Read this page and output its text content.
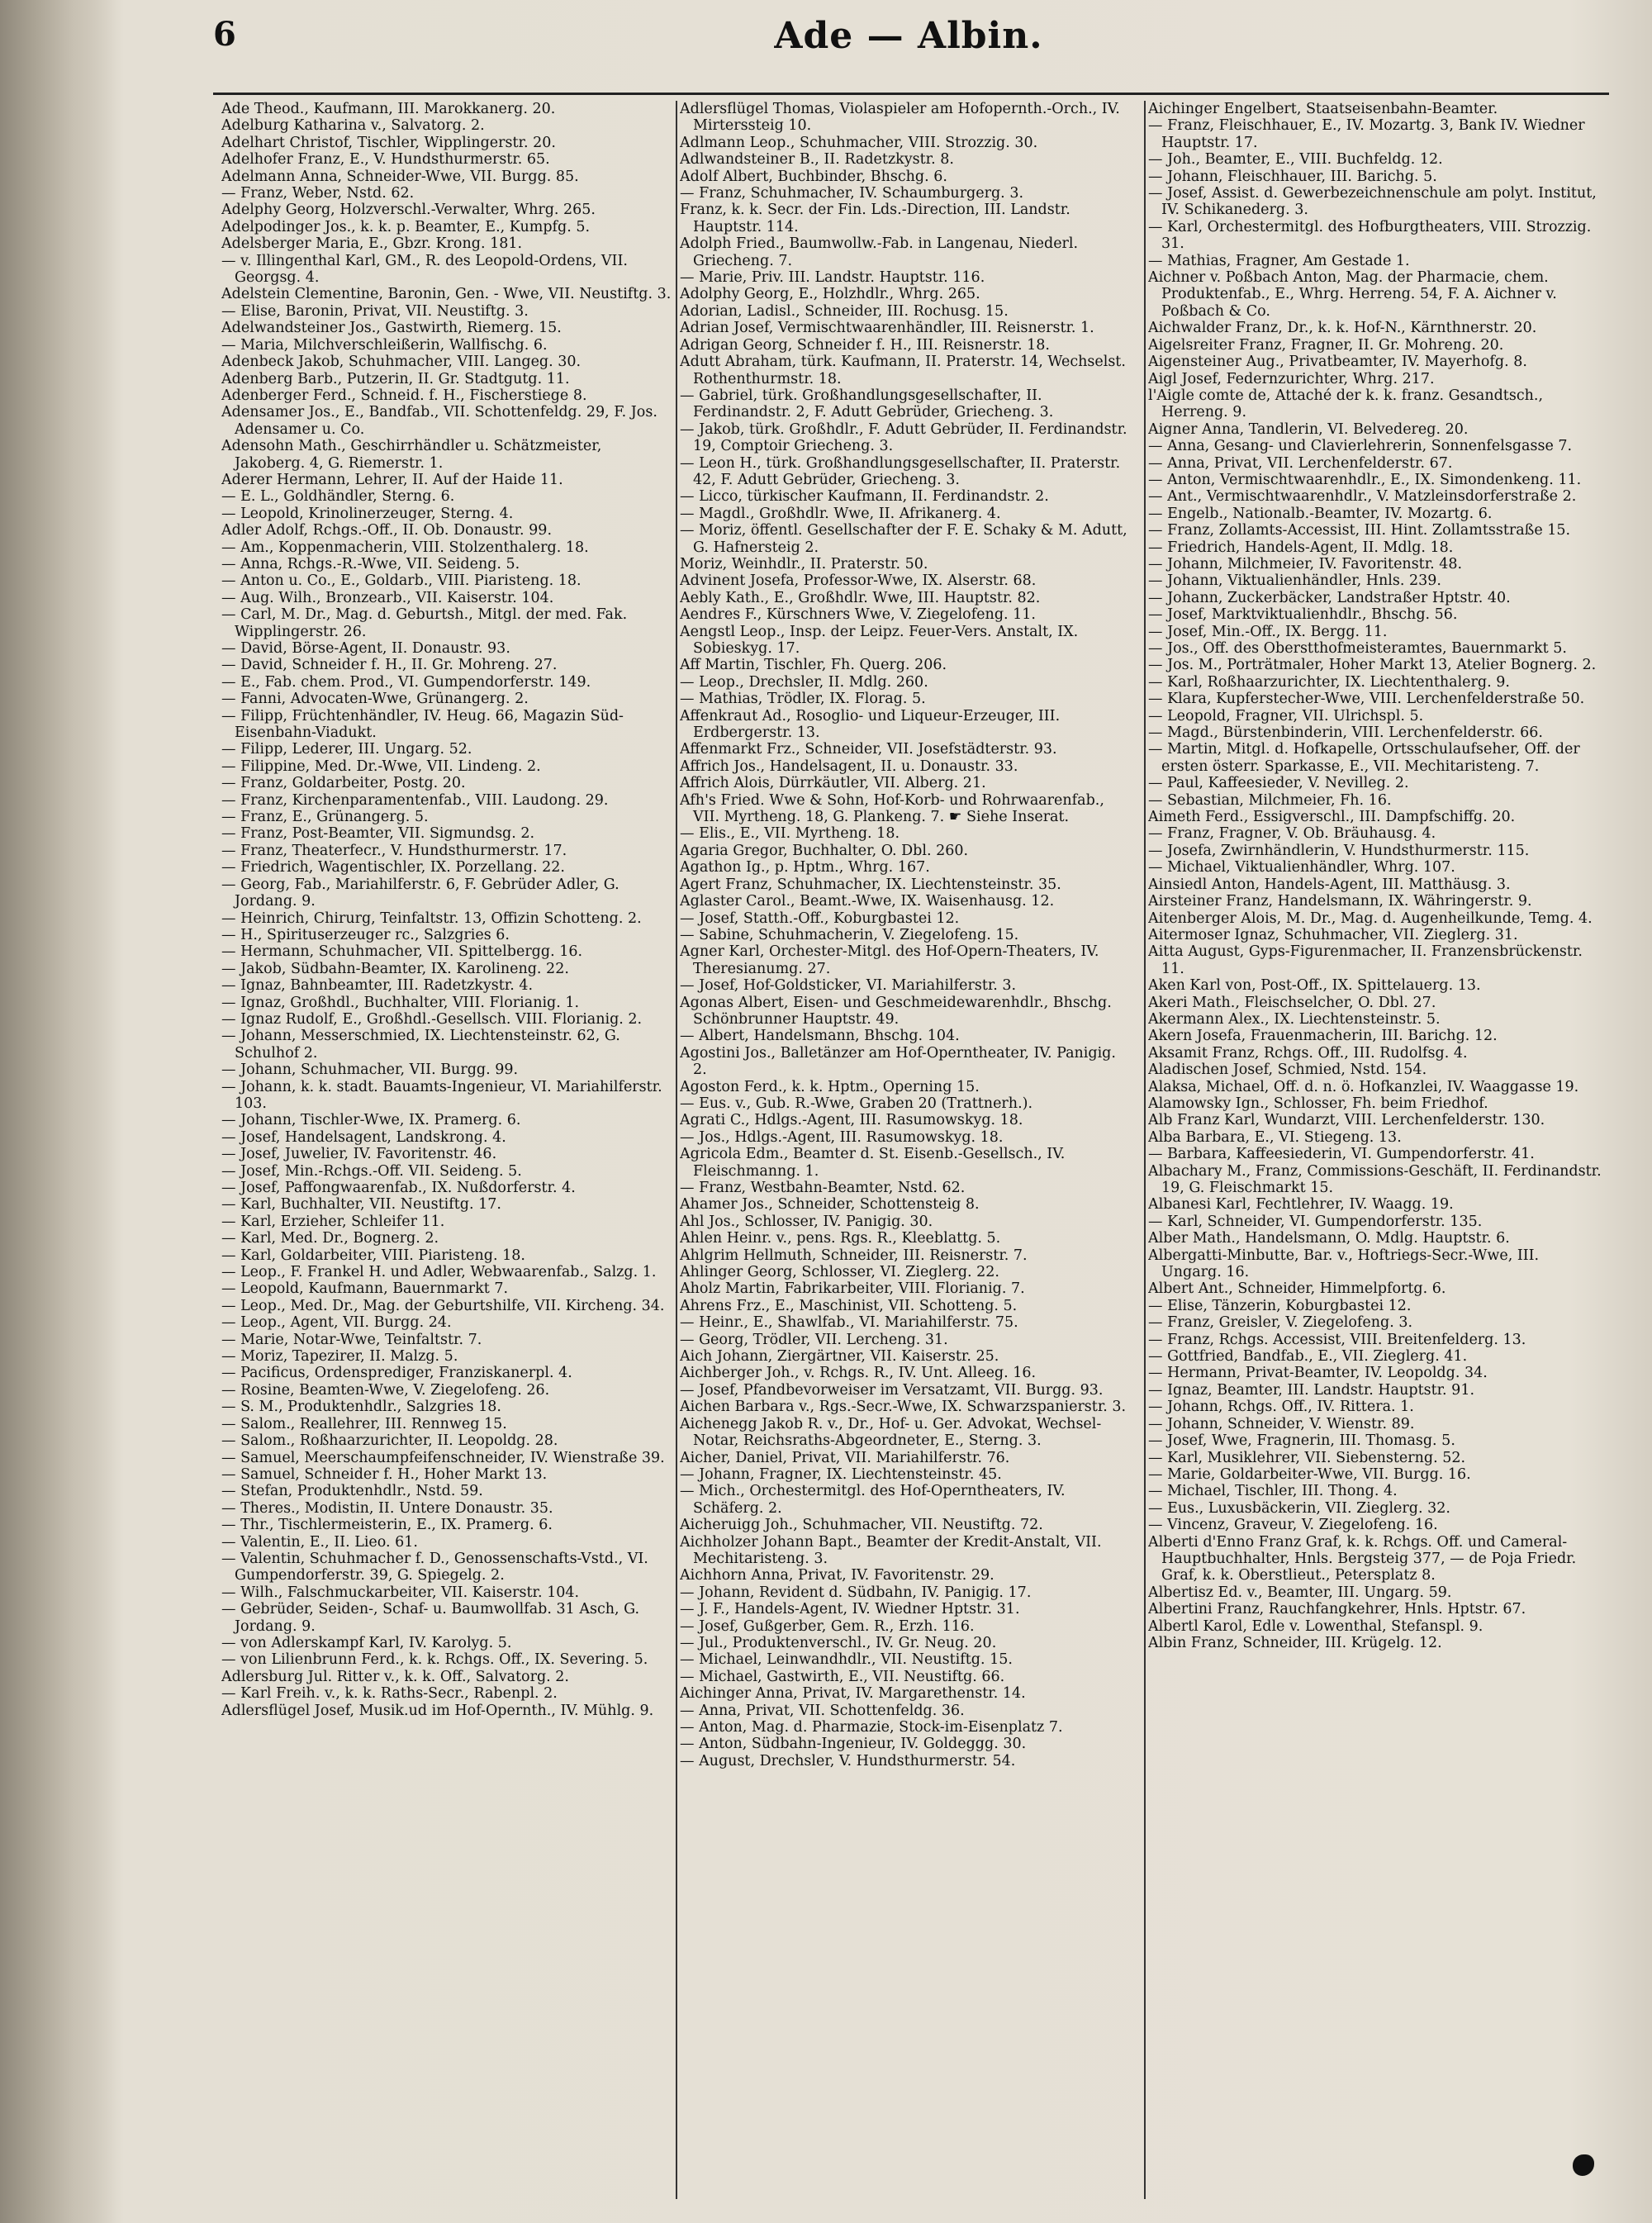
6	Ade — Albin.

Ade Theod., Kaufmann, III. Marokkanerg. 20.

Adelburg Katharina v., Salvatorg. 2.

Adelhart Christof, Tischler, Wipplingerstr. 20.

Adelhofer Franz, E., V. Hundsthurmerstr. 65.

Adelmann Anna, Schneider-Wwe, VII. Burgg. 85.

— Franz, Weber, Nstd. 62.

Adelphy Georg, Holzverschl.-Verwalter, Whrg. 265.

Adelpodinger Jos., k. k. p. Beamter, E., Kumpfg. 5.

Adelsberger Maria, E., Gbzr. Krong. 181.

— v. Illingenthal Karl, GM., R. des Leopold-Ordens, VII. Georgsg. 4.

Adelstein Clementine, Baronin, Gen. - Wwe, VII. Neustiftg. 3.

— Elise, Baronin, Privat, VII. Neustiftg. 3.

Adelwandsteiner Jos., Gastwirth, Riemerg. 15.

— Maria, Milchverschleißerin, Wallfischg. 6.

Adenbeck Jakob, Schuhmacher, VIII. Langeg. 30.

Adenberg Barb., Putzerin, II. Gr. Stadtgutg. 11.

Adenberger Ferd., Schneid. f. H., Fischerstiege 8.

Adensamer Jos., E., Bandfab., VII. Schottenfeldg. 29, F. Jos. Adensamer u. Co.

Adensohn Math., Geschirrhändler u. Schätzmeister, Jakoberg. 4, G. Riemerstr. 1.

Aderer Hermann, Lehrer, II. Auf der Haide 11.

— E. L., Goldhändler, Sterng. 6.

— Leopold, Krinolinerzeuger, Sterng. 4.

Adler Adolf, Rchgs.-Off., II. Ob. Donaustr. 99.

— Am., Koppenmacherin, VIII. Stolzenthalerg. 18.

— Anna, Rchgs.-R.-Wwe, VII. Seideng. 5.

— Anton u. Co., E., Goldarb., VIII. Piaristeng. 18.

— Aug. Wilh., Bronzearb., VII. Kaiserstr. 104.

— Carl, M. Dr., Mag. d. Geburtsh., Mitgl. der med. Fak. Wipplingerstr. 26.

— David, Börse-Agent, II. Donaustr. 93.

— David, Schneider f. H., II. Gr. Mohreng. 27.

— E., Fab. chem. Prod., VI. Gumpendorferstr. 149.

— Fanni, Advocaten-Wwe, Grünangerg. 2.

— Filipp, Früchtenhändler, IV. Heug. 66, Magazin Süd-Eisenbahn-Viadukt.

— Filipp, Lederer, III. Ungarg. 52.

— Filippine, Med. Dr.-Wwe, VII. Lindeng. 2.

— Franz, Goldarbeiter, Postg. 20.

— Franz, Kirchenparamentenfab., VIII. Laudong. 29.

— Franz, E., Grünangerg. 5.

— Franz, Post-Beamter, VII. Sigmundsg. 2.

— Franz, Theaterfecr., V. Hundsthurmerstr. 17.

— Friedrich, Wagentischler, IX. Porzellang. 22.

— Georg, Fab., Mariahilferstr. 6, F. Gebrüder Adler, G. Jordang. 9.

— Heinrich, Chirurg, Teinfaltstr. 13, Offizin Schotteng. 2.

— H., Spirituserzeuger rc., Salzgries 6.

— Hermann, Schuhmacher, VII. Spittelbergg. 16.

— Jakob, Südbahn-Beamter, IX. Karolineng. 22.

— Ignaz, Bahnbeamter, III. Radetzkystr. 4.

— Ignaz, Großhdl., Buchhalter, VIII. Florianig. 1.

— Ignaz Rudolf, E., Großhdl.-Gesellsch. VIII. Florianig. 2.

— Johann, Messerschmied, IX. Liechtensteinstr. 62, G. Schulhof 2.

— Johann, Schuhmacher, VII. Burgg. 99.

— Johann, k. k. stadt. Bauamts-Ingenieur, VI. Mariahilferstr. 103.

— Johann, Tischler-Wwe, IX. Pramerg. 6.

— Josef, Handelsagent, Landskrong. 4.

— Josef, Juwelier, IV. Favoritenstr. 46.

— Josef, Min.-Rchgs.-Off. VII. Seideng. 5.

— Josef, Paffongwaarenfab., IX. Nußdorferstr. 4.

— Karl, Buchhalter, VII. Neustiftg. 17.

— Karl, Erzieher, Schleifer 11.

— Karl, Med. Dr., Bognerg. 2.

— Karl, Goldarbeiter, VIII. Piaristeng. 18.

— Leop., F. Frankel H. und Adler, Webwaarenfab., Salzg. 1.

— Leopold, Kaufmann, Bauernmarkt 7.

— Leop., Med. Dr., Mag. der Geburtshilfe, VII. Kircheng. 34.

— Leop., Agent, VII. Burgg. 24.

— Marie, Notar-Wwe, Teinfaltstr. 7.

— Moriz, Tapezirer, II. Malzg. 5.

— Pacificus, Ordensprediger, Franziskanerpl. 4.

— Rosine, Beamten-Wwe, V. Ziegelofeng. 26.

— S. M., Produktenhdlr., Salzgries 18.

— Salom., Reallehrer, III. Rennweg 15.

— Salom., Roßhaarzurichter, II. Leopoldg. 28.

— Samuel, Meerschaumpfeifenschneider, IV. Wienstraße 39.

— Samuel, Schneider f. H., Hoher Markt 13.

— Stefan, Produktenhdlr., Nstd. 59.

— Theres., Modistin, II. Untere Donaustr. 35.

— Thr., Tischlermeisterin, E., IX. Pramerg. 6.

— Valentin, E., II. Lieo. 61.

— Valentin, Schuhmacher f. D., Genossenschafts-Vstd., VI. Gumpendorferstr. 39, G. Spiegelg. 2.

— Wilh., Falschmuckarbeiter, VII. Kaiserstr. 104.

— Gebrüder, Seiden-, Schaf- u. Baumwollfab. 31 Asch, G. Jordang. 9.

— von Adlerskampf Karl, IV. Karolyg. 5.

— von Lilienbrunn Ferd., k. k. Rchgs. Off., IX. Severing. 5.

Adlersburg Jul. Ritter v., k. k. Off., Salvatorg. 2.

— Karl Freih. v., k. k. Raths-Secr., Rabenpl. 2.

Adlersflügel Josef, Musik.ud im Hof-Opernth., IV. Mühlg. 9.

Adlersflügel Thomas, Violaspieler am Hofopernth.-Orch., IV. Mirterssteig 10.

Adlmann Leop., Schuhmacher, VIII. Strozzig. 30.

Adlwandsteiner B., II. Radetzkystr. 8.

Adolf Albert, Buchbinder, Bhschg. 6.

— Franz, Schuhmacher, IV. Schaumburgerg. 3.

Franz, k. k. Secr. der Fin. Lds.-Direction, III. Landstr. Hauptstr. 114.

Adolph Fried., Baumwollw.-Fab. in Langenau, Niederl. Griecheng. 7.

— Marie, Priv. III. Landstr. Hauptstr. 116.

Adolphy Georg, E., Holzhdlr., Whrg. 265.

Adorian, Ladisl., Schneider, III. Rochusg. 15.

Adrian Josef, Vermischtwaarenhändler, III. Reisnerstr. 1.

Adrigan Georg, Schneider f. H., III. Reisnerstr. 18.

Adutt Abraham, türk. Kaufmann, II. Praterstr. 14, Wechselst. Rothenthurmstr. 18.

— Gabriel, türk. Großhandlungsgesellschafter, II. Ferdinandstr. 2, F. Adutt Gebrüder, Griecheng. 3.

— Jakob, türk. Großhdlr., F. Adutt Gebrüder, II. Ferdinandstr. 19, Comptoir Griecheng. 3.

— Leon H., türk. Großhandlungsgesellschafter, II. Praterstr. 42, F. Adutt Gebrüder, Griecheng. 3.

— Licco, türkischer Kaufmann, II. Ferdinandstr. 2.

— Magdl., Großhdlr. Wwe, II. Afrikanerg. 4.

— Moriz, öffentl. Gesellschafter der F. E. Schaky & M. Adutt, G. Hafnersteig 2.

Moriz, Weinhdlr., II. Praterstr. 50.

Advinent Josefa, Professor-Wwe, IX. Alserstr. 68.

Aebly Kath., E., Großhdlr. Wwe, III. Hauptstr. 82.

Aendres F., Kürschners Wwe, V. Ziegelofeng. 11.

Aengstl Leop., Insp. der Leipz. Feuer-Vers. Anstalt, IX. Sobieskyg. 17.

Aff Martin, Tischler, Fh. Querg. 206.

— Leop., Drechsler, II. Mdlg. 260.

— Mathias, Trödler, IX. Florag. 5.

Affenkraut Ad., Rosoglio- und Liqueur-Erzeuger, III. Erdbergerstr. 13.

Affenmarkt Frz., Schneider, VII. Josefstädterstr. 93.

Affrich Jos., Handelsagent, II. u. Donaustr. 33.

Affrich Alois, Dürrkäutler, VII. Alberg. 21.

Afh's Fried. Wwe & Sohn, Hof-Korb- und Rohrwaarenfab., VII. Myrtheng. 18, G. Plankeng. 7. ☛ Siehe Inserat.

— Elis., E., VII. Myrtheng. 18.

Agaria Gregor, Buchhalter, O. Dbl. 260.

Agathon Ig., p. Hptm., Whrg. 167.

Agert Franz, Schuhmacher, IX. Liechtensteinstr. 35.

Aglaster Carol., Beamt.-Wwe, IX. Waisenhausg. 12.

— Josef, Statth.-Off., Koburgbastei 12.

— Sabine, Schuhmacherin, V. Ziegelofeng. 15.

Agner Karl, Orchester-Mitgl. des Hof-Opern-Theaters, IV. Theresianumg. 27.

— Josef, Hof-Goldsticker, VI. Mariahilferstr. 3.

Agonas Albert, Eisen- und Geschmeidewarenhdlr., Bhschg. Schönbrunner Hauptstr. 49.

— Albert, Handelsmann, Bhschg. 104.

Agostini Jos., Balletänzer am Hof-Operntheater, IV. Panigig. 2.

Agoston Ferd., k. k. Hptm., Operning 15.

— Eus. v., Gub. R.-Wwe, Graben 20 (Trattnerh.).

Agrati C., Hdlgs.-Agent, III. Rasumowskyg. 18.

— Jos., Hdlgs.-Agent, III. Rasumowskyg. 18.

Agricola Edm., Beamter d. St. Eisenb.-Gesellsch., IV. Fleischmanng. 1.

— Franz, Westbahn-Beamter, Nstd. 62.

Ahamer Jos., Schneider, Schottensteig 8.

Ahl Jos., Schlosser, IV. Panigig. 30.

Ahlen Heinr. v., pens. Rgs. R., Kleeblattg. 5.

Ahlgrim Hellmuth, Schneider, III. Reisnerstr. 7.

Ahlinger Georg, Schlosser, VI. Zieglerg. 22.

Aholz Martin, Fabrikarbeiter, VIII. Florianig. 7.

Ahrens Frz., E., Maschinist, VII. Schotteng. 5.

— Heinr., E., Shawlfab., VI. Mariahilferstr. 75.

— Georg, Trödler, VII. Lercheng. 31.

Aich Johann, Ziergärtner, VII. Kaiserstr. 25.

Aichberger Joh., v. Rchgs. R., IV. Unt. Alleeg. 16.

— Josef, Pfandbevorweiser im Versatzamt, VII. Burgg. 93.

Aichen Barbara v., Rgs.-Secr.-Wwe, IX. Schwarzspanierstr. 3.

Aichenegg Jakob R. v., Dr., Hof- u. Ger. Advokat, Wechsel-Notar, Reichsraths-Abgeordneter, E., Sterng. 3.

Aicher, Daniel, Privat, VII. Mariahilferstr. 76.

— Johann, Fragner, IX. Liechtensteinstr. 45.

— Mich., Orchestermitgl. des Hof-Operntheaters, IV. Schäferg. 2.

Aicheruigg Joh., Schuhmacher, VII. Neustiftg. 72.

Aichholzer Johann Bapt., Beamter der Kredit-Anstalt, VII. Mechitaristeng. 3.

Aichhorn Anna, Privat, IV. Favoritenstr. 29.

— Johann, Revident d. Südbahn, IV. Panigig. 17.

— J. F., Handels-Agent, IV. Wiedner Hptstr. 31.

— Josef, Gußgerber, Gem. R., Erzh. 116.

— Jul., Produktenverschl., IV. Gr. Neug. 20.

— Michael, Leinwandhdlr., VII. Neustiftg. 15.

— Michael, Gastwirth, E., VII. Neustiftg. 66.

Aichinger Anna, Privat, IV. Margarethenstr. 14.

— Anna, Privat, VII. Schottenfeldg. 36.

— Anton, Mag. d. Pharmazie, Stock-im-Eisenplatz 7.

— Anton, Südbahn-Ingenieur, IV. Goldeggg. 30.

— August, Drechsler, V. Hundsthurmerstr. 54.

Aichinger Engelbert, Staatseisenbahn-Beamter.

— Franz, Fleischhauer, E., IV. Mozartg. 3, Bank IV. Wiedner Hauptstr. 17.

— Joh., Beamter, E., VIII. Buchfeldg. 12.

— Johann, Fleischhauer, III. Barichg. 5.

— Josef, Assist. d. Gewerbezeichnenschule am polyt. Institut, IV. Schikanederg. 3.

— Karl, Orchestermitgl. des Hofburgtheaters, VIII. Strozzig. 31.

— Mathias, Fragner, Am Gestade 1.

Aichner v. Poßbach Anton, Mag. der Pharmacie, chem. Produktenfab., E., Whrg. Herreng. 54, F. A. Aichner v. Poßbach & Co.

Aichwalder Franz, Dr., k. k. Hof-N., Kärnthnerstr. 20.

Aigelsreiter Franz, Fragner, II. Gr. Mohreng. 20.

Aigensteiner Aug., Privatbeamter, IV. Mayerhofg. 8.

Aigl Josef, Federnzurichter, Whrg. 217.

l'Aigle comte de, Attaché der k. k. franz. Gesandtsch., Herreng. 9.

Aigner Anna, Tandlerin, VI. Belvedereg. 20.

— Anna, Gesang- und Clavierlehrerin, Sonnenfelsgasse 7.

— Anna, Privat, VII. Lerchenfelderstr. 67.

— Anton, Vermischtwaarenhdlr., E., IX. Simondenkeng. 11.

— Ant., Vermischtwaarenhdlr., V. Matzleinsdorferstraße 2.

— Engelb., Nationalb.-Beamter, IV. Mozartg. 6.

— Franz, Zollamts-Accessist, III. Hint. Zollamtsstraße 15.

— Friedrich, Handels-Agent, II. Mdlg. 18.

— Johann, Milchmeier, IV. Favoritenstr. 48.

— Johann, Viktualienhändler, Hnls. 239.

— Johann, Zuckerbäcker, Landstraßer Hptstr. 40.

— Josef, Marktviktualienhdlr., Bhschg. 56.

— Josef, Min.-Off., IX. Bergg. 11.

— Jos., Off. des Oberstthofmeisteramtes, Bauernmarkt 5.

— Jos. M., Porträtmaler, Hoher Markt 13, Atelier Bognerg. 2.

— Karl, Roßhaarzurichter, IX. Liechtenthalerg. 9.

— Klara, Kupferstecher-Wwe, VIII. Lerchenfelderstraße 50.

— Leopold, Fragner, VII. Ulrichspl. 5.

— Magd., Bürstenbinderin, VIII. Lerchenfelderstr. 66.

— Martin, Mitgl. d. Hofkapelle, Ortsschulaufseher, Off. der ersten österr. Sparkasse, E., VII. Mechitaristeng. 7.

— Paul, Kaffeesieder, V. Nevilleg. 2.

— Sebastian, Milchmeier, Fh. 16.

Aimeth Ferd., Essigverschl., III. Dampfschiffg. 20.

— Franz, Fragner, V. Ob. Bräuhausg. 4.

— Josefa, Zwirnhändlerin, V. Hundsthurmerstr. 115.

— Michael, Viktualienhändler, Whrg. 107.

Ainsiedl Anton, Handels-Agent, III. Matthäusg. 3.

Airsteiner Franz, Handelsmann, IX. Währingerstr. 9.

Aitenberger Alois, M. Dr., Mag. d. Augenheilkunde, Temg. 4.

Aitermoser Ignaz, Schuhmacher, VII. Zieglerg. 31.

Aitta August, Gyps-Figurenmacher, II. Franzensbrückenstr. 11.

Aken Karl von, Post-Off., IX. Spittelauerg. 13.

Akeri Math., Fleischselcher, O. Dbl. 27.

Akermann Alex., IX. Liechtensteinstr. 5.

Akern Josefa, Frauenmacherin, III. Barichg. 12.

Aksamit Franz, Rchgs. Off., III. Rudolfsg. 4.

Aladischen Josef, Schmied, Nstd. 154.

Alaksa, Michael, Off. d. n. ö. Hofkanzlei, IV. Waaggasse 19.

Alamowsky Ign., Schlosser, Fh. beim Friedhof.

Alb Franz Karl, Wundarzt, VIII. Lerchenfelderstr. 130.

Alba Barbara, E., VI. Stiegeng. 13.

— Barbara, Kaffeesiederin, VI. Gumpendorferstr. 41.

Albachary M., Franz, Commissions-Geschäft, II. Ferdinandstr. 19, G. Fleischmarkt 15.

Albanesi Karl, Fechtlehrer, IV. Waagg. 19.

— Karl, Schneider, VI. Gumpendorferstr. 135.

Alber Math., Handelsmann, O. Mdlg. Hauptstr. 6.

Albergatti-Minbutte, Bar. v., Hoftriegs-Secr.-Wwe, III. Ungarg. 16.

Albert Ant., Schneider, Himmelpfortg. 6.

— Elise, Tänzerin, Koburgbastei 12.

— Franz, Greisler, V. Ziegelofeng. 3.

— Franz, Rchgs. Accessist, VIII. Breitenfelderg. 13.

— Gottfried, Bandfab., E., VII. Zieglerg. 41.

— Hermann, Privat-Beamter, IV. Leopoldg. 34.

— Ignaz, Beamter, III. Landstr. Hauptstr. 91.

— Johann, Rchgs. Off., IV. Rittera. 1.

— Johann, Schneider, V. Wienstr. 89.

— Josef, Wwe, Fragnerin, III. Thomasg. 5.

— Karl, Musiklehrer, VII. Siebensterng. 52.

— Marie, Goldarbeiter-Wwe, VII. Burgg. 16.

— Michael, Tischler, III. Thong. 4.

— Eus., Luxusbäckerin, VII. Zieglerg. 32.

— Vincenz, Graveur, V. Ziegelofeng. 16.

Alberti d'Enno Franz Graf, k. k. Rchgs. Off. und Cameral-Hauptbuchhalter, Hnls. Bergsteig 377, — de Poja Friedr. Graf, k. k. Oberstlieut., Petersplatz 8.

Albertisz Ed. v., Beamter, III. Ungarg. 59.

Albertini Franz, Rauchfangkehrer, Hnls. Hptstr. 67.

Albertl Karol, Edle v. Lowenthal, Stefanspl. 9.

Albin Franz, Schneider, III. Krügelg. 12.
